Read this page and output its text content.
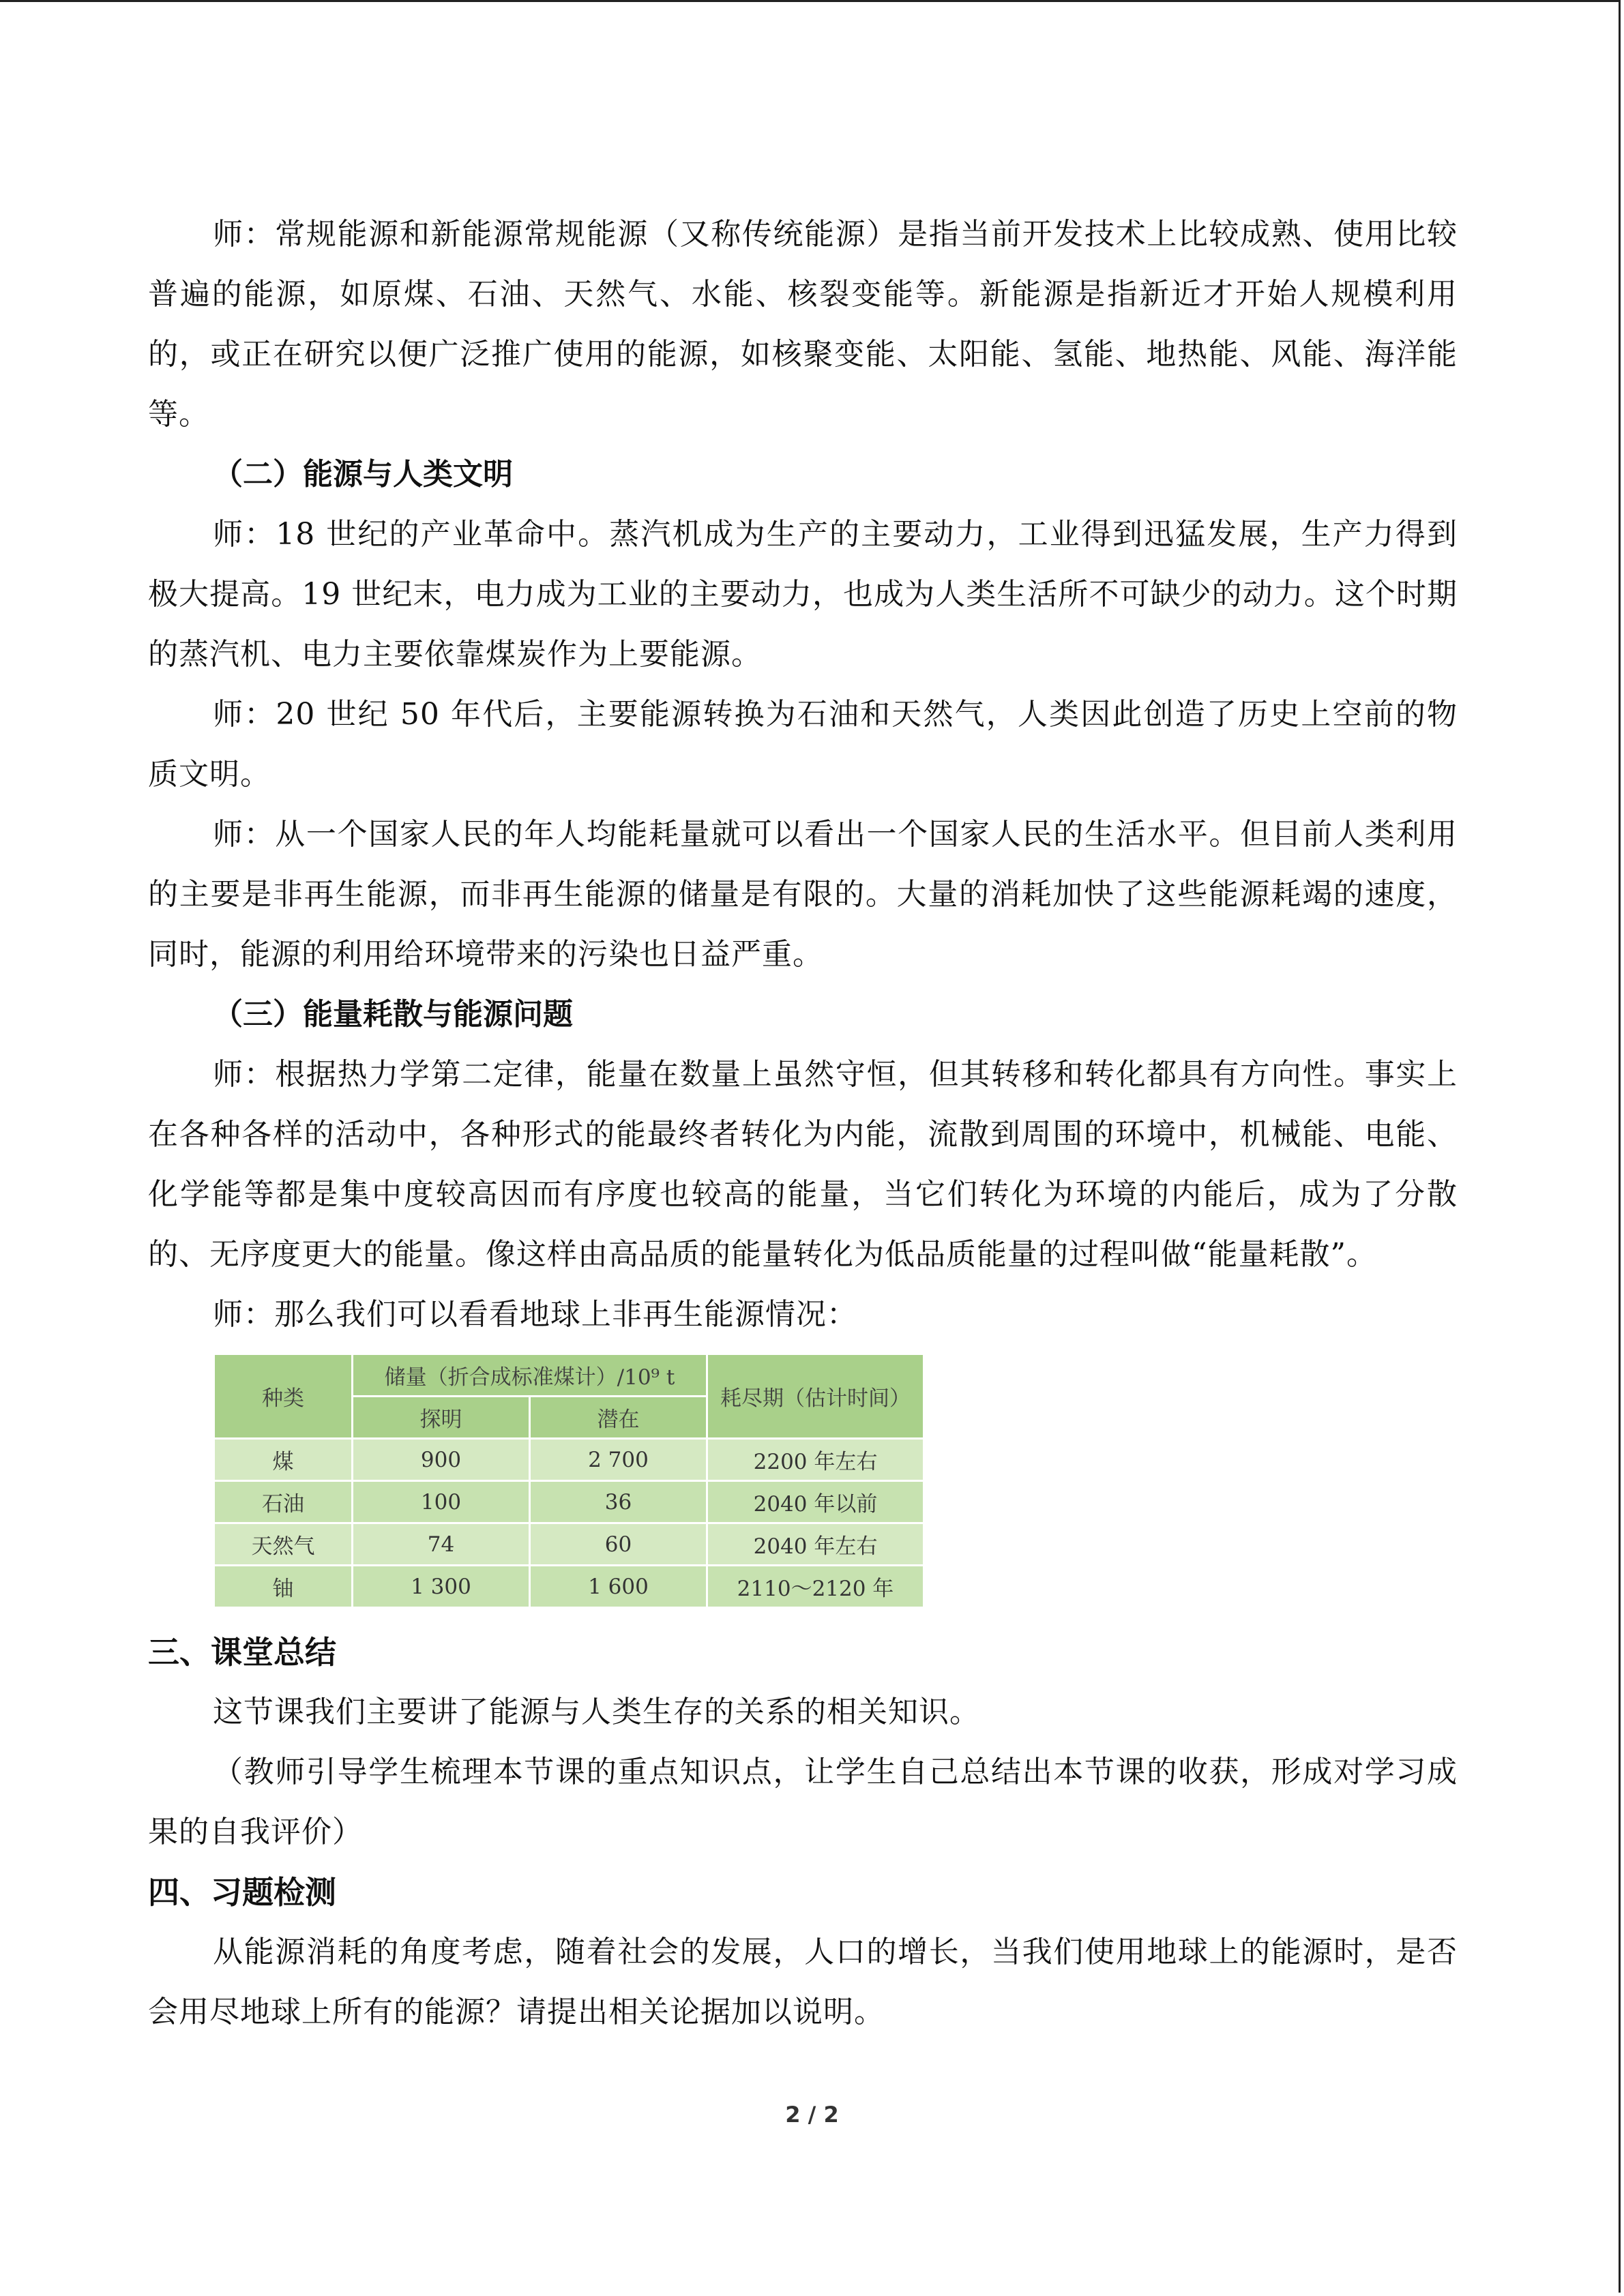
师：常规能源和新能源常规能源（又称传统能源）是指当前开发技术上比较成熟、使用比较普遍的能源，如原煤、石油、天然气、水能、核裂变能等。新能源是指新近才开始人规模利用的，或正在研究以便广泛推广使用的能源，如核聚变能、太阳能、氢能、地热能、风能、海洋能等。

（二）能源与人类文明

师：18 世纪的产业革命中。蒸汽机成为生产的主要动力，工业得到迅猛发展，生产力得到极大提高。19 世纪末，电力成为工业的主要动力，也成为人类生活所不可缺少的动力。这个时期的蒸汽机、电力主要依靠煤炭作为上要能源。

师：20 世纪 50 年代后，主要能源转换为石油和天然气，人类因此创造了历史上空前的物质文明。

师：从一个国家人民的年人均能耗量就可以看出一个国家人民的生活水平。但目前人类利用的主要是非再生能源，而非再生能源的储量是有限的。大量的消耗加快了这些能源耗竭的速度，同时，能源的利用给环境带来的污染也日益严重。

（三）能量耗散与能源问题

师：根据热力学第二定律，能量在数量上虽然守恒，但其转移和转化都具有方向性。事实上在各种各样的活动中，各种形式的能最终者转化为内能，流散到周围的环境中，机械能、电能、化学能等都是集中度较高因而有序度也较高的能量，当它们转化为环境的内能后，成为了分散的、无序度更大的能量。像这样由高品质的能量转化为低品质能量的过程叫做“能量耗散”。

师：那么我们可以看看地球上非再生能源情况：

种类	储量（折合成标准煤计）/10⁹ t		耗尽期（估计时间）
	探明	潜在	
煤	900	2 700	2200 年左右
石油	100	36	2040 年以前
天然气	74	60	2040 年左右
铀	1 300	1 600	2110～2120 年

三、课堂总结

这节课我们主要讲了能源与人类生存的关系的相关知识。

（教师引导学生梳理本节课的重点知识点，让学生自己总结出本节课的收获，形成对学习成果的自我评价）

四、习题检测

从能源消耗的角度考虑，随着社会的发展，人口的增长，当我们使用地球上的能源时，是否会用尽地球上所有的能源？请提出相关论据加以说明。

2 / 2
